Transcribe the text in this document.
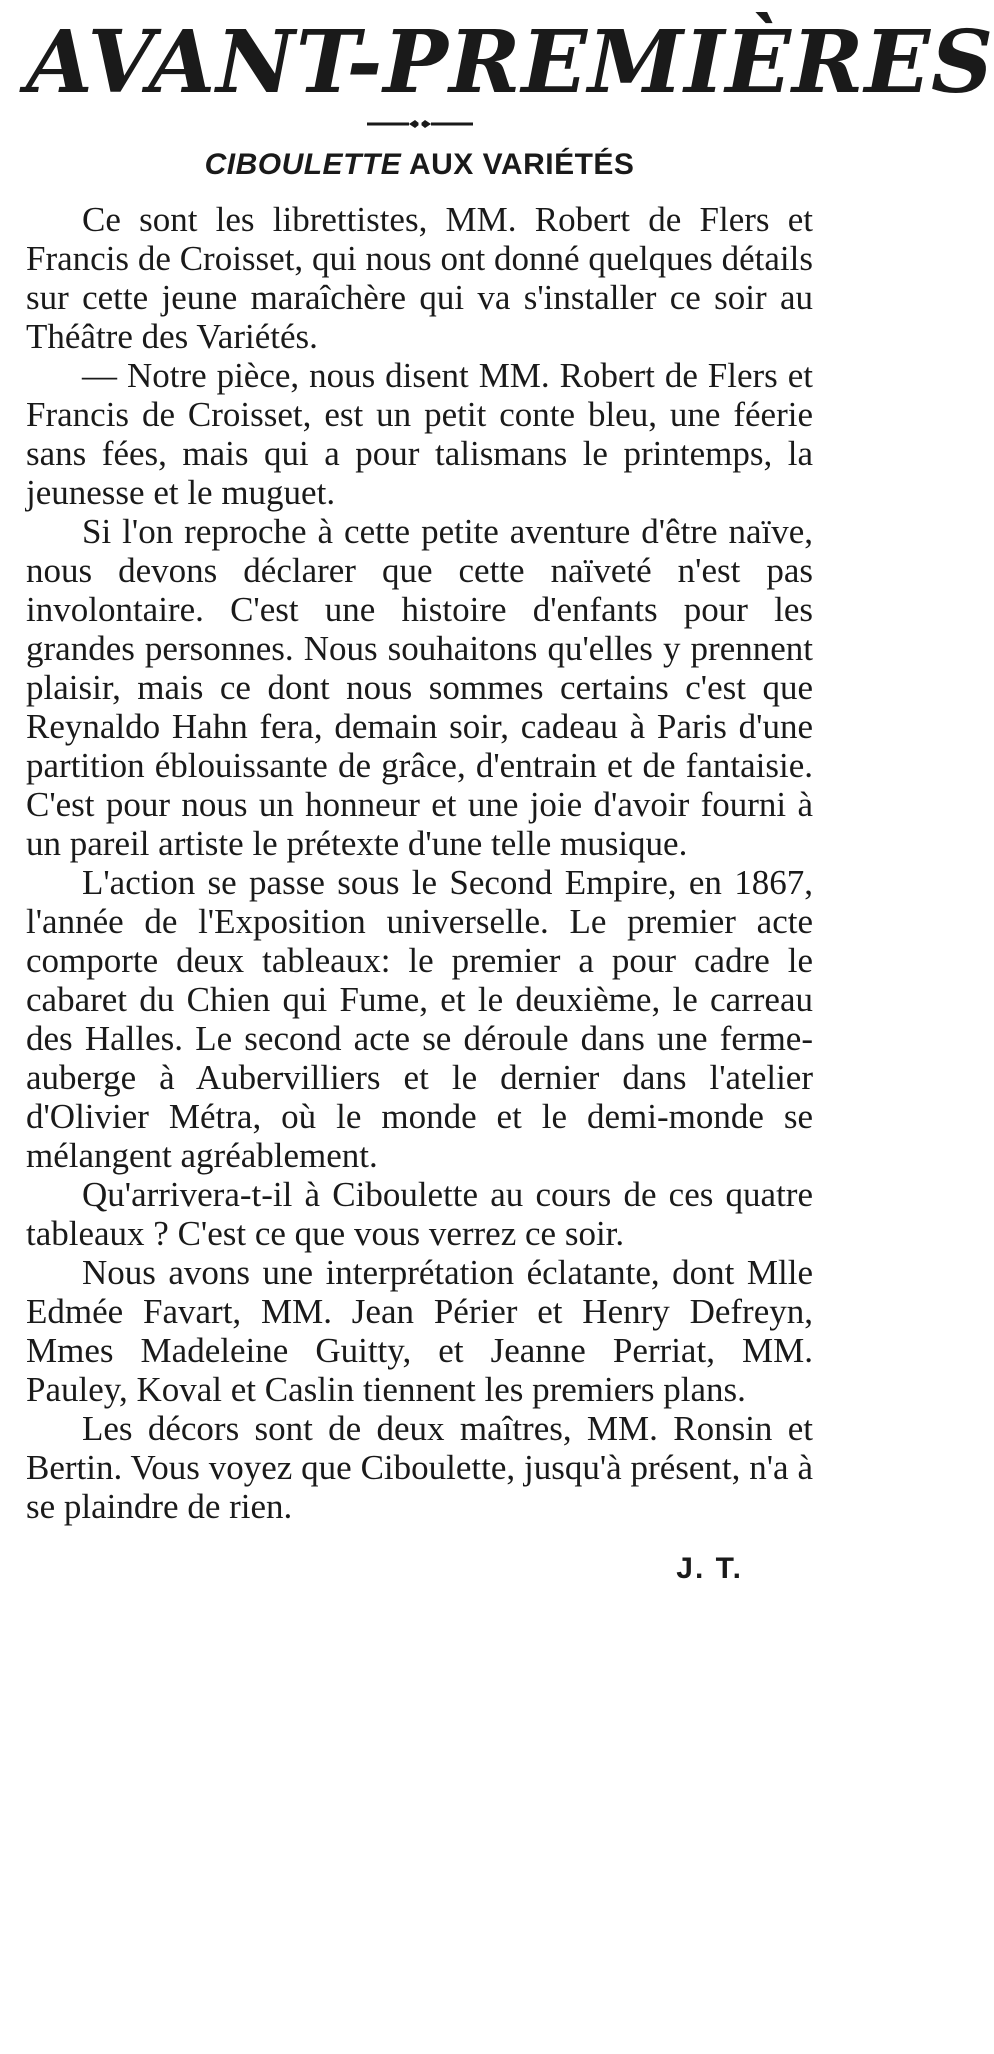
AVANT-PREMIÈRES
CIBOULETTE AUX VARIÉTÉS

Ce sont les librettistes, MM. Robert de Flers et Francis de Croisset, qui nous ont donné quelques détails sur cette jeune maraîchère qui va s'installer ce soir au Théâtre des Variétés.

— Notre pièce, nous disent MM. Robert de Flers et Francis de Croisset, est un petit conte bleu, une féerie sans fées, mais qui a pour talismans le printemps, la jeunesse et le muguet.

Si l'on reproche à cette petite aventure d'être naïve, nous devons déclarer que cette naïveté n'est pas involontaire. C'est une histoire d'enfants pour les grandes personnes. Nous souhaitons qu'elles y prennent plaisir, mais ce dont nous sommes certains c'est que Reynaldo Hahn fera, demain soir, cadeau à Paris d'une partition éblouissante de grâce, d'entrain et de fantaisie. C'est pour nous un honneur et une joie d'avoir fourni à un pareil artiste le prétexte d'une telle musique.

L'action se passe sous le Second Empire, en 1867, l'année de l'Exposition universelle. Le premier acte comporte deux tableaux: le premier a pour cadre le cabaret du Chien qui Fume, et le deuxième, le carreau des Halles. Le second acte se déroule dans une ferme-auberge à Aubervilliers et le dernier dans l'atelier d'Olivier Métra, où le monde et le demi-monde se mélangent agréablement.

Qu'arrivera-t-il à Ciboulette au cours de ces quatre tableaux ? C'est ce que vous verrez ce soir.

Nous avons une interprétation éclatante, dont Mlle Edmée Favart, MM. Jean Périer et Henry Defreyn, Mmes Madeleine Guitty, et Jeanne Perriat, MM. Pauley, Koval et Caslin tiennent les premiers plans.

Les décors sont de deux maîtres, MM. Ronsin et Bertin. Vous voyez que Ciboulette, jusqu'à présent, n'a à se plaindre de rien.

J. T.
